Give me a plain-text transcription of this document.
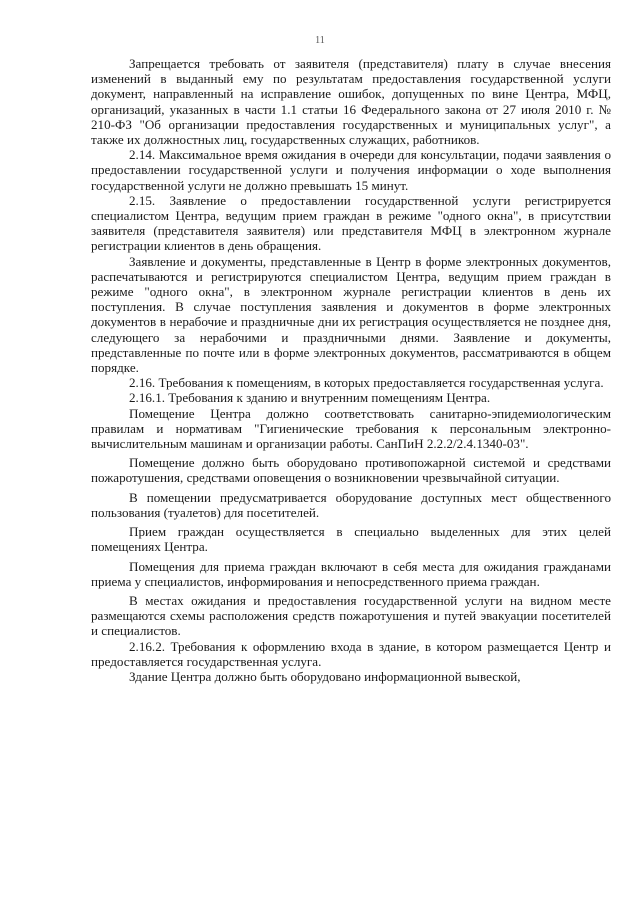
11

Запрещается требовать от заявителя (представителя) плату в случае внесения изменений в выданный ему по результатам предоставления государственной услуги документ, направленный на исправление ошибок, допущенных по вине Центра, МФЦ, организаций, указанных в части 1.1 статьи 16 Федерального закона от 27 июля 2010 г. № 210-ФЗ "Об организации предоставления государственных и муниципальных услуг", а также их должностных лиц, государственных служащих, работников.

2.14. Максимальное время ожидания в очереди для консультации, подачи заявления о предоставлении государственной услуги и получения информации о ходе выполнения государственной услуги не должно превышать 15 минут.

2.15. Заявление о предоставлении государственной услуги регистрируется специалистом Центра, ведущим прием граждан в режиме "одного окна", в присутствии заявителя (представителя заявителя) или представителя МФЦ в электронном журнале регистрации клиентов в день обращения.

Заявление и документы, представленные в Центр в форме электронных документов, распечатываются и регистрируются специалистом Центра, ведущим прием граждан в режиме "одного окна", в электронном журнале регистрации клиентов в день их поступления. В случае поступления заявления и документов в форме электронных документов в нерабочие и праздничные дни их регистрация осуществляется не позднее дня, следующего за нерабочими и праздничными днями. Заявление и документы, представленные по почте или в форме электронных документов, рассматриваются в общем порядке.

2.16. Требования к помещениям, в которых предоставляется государственная услуга.

2.16.1. Требования к зданию и внутренним помещениям Центра.

Помещение Центра должно соответствовать санитарно-эпидемиологическим правилам и нормативам "Гигиенические требования к персональным электронно-вычислительным машинам и организации работы. СанПиН 2.2.2/2.4.1340-03".

Помещение должно быть оборудовано противопожарной системой и средствами пожаротушения, средствами оповещения о возникновении чрезвычайной ситуации.

В помещении предусматривается оборудование доступных мест общественного пользования (туалетов) для посетителей.

Прием граждан осуществляется в специально выделенных для этих целей помещениях Центра.

Помещения для приема граждан включают в себя места для ожидания гражданами приема у специалистов, информирования и непосредственного приема граждан.

В местах ожидания и предоставления государственной услуги на видном месте размещаются схемы расположения средств пожаротушения и путей эвакуации посетителей и специалистов.

2.16.2. Требования к оформлению входа в здание, в котором размещается Центр и предоставляется государственная услуга.

Здание Центра должно быть оборудовано информационной вывеской,
